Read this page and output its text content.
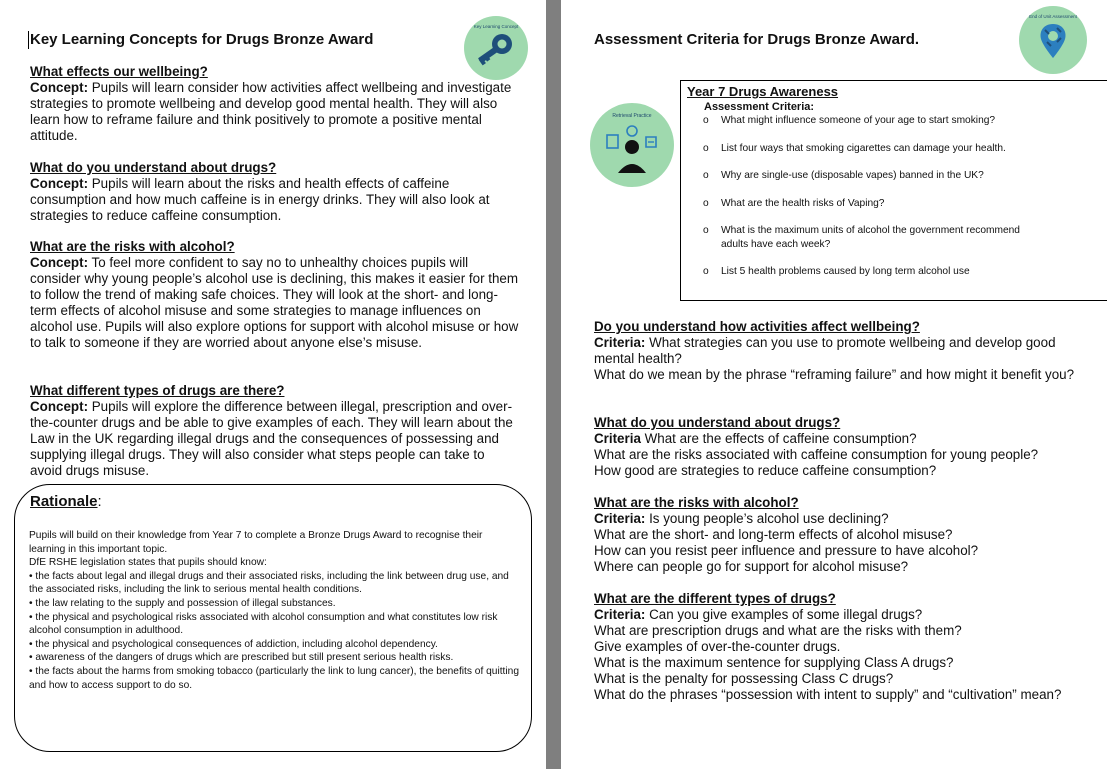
Key Learning Concepts for Drugs Bronze Award
Key Learning Concept

What effects our wellbeing?
Concept: Pupils will learn consider how activities affect wellbeing and investigate strategies to promote wellbeing and develop good mental health. They will also learn how to reframe failure and think positively to promote a positive mental attitude.

What do you understand about drugs?
Concept: Pupils will learn about the risks and health effects of caffeine consumption and how much caffeine is in energy drinks. They will also look at strategies to reduce caffeine consumption.

What are the risks with alcohol?
Concept: To feel more confident to say no to unhealthy choices pupils will consider why young people’s alcohol use is declining, this makes it easier for them to follow the trend of making safe choices. They will look at the short- and long-term effects of alcohol misuse and some strategies to manage influences on alcohol use. Pupils will also explore options for support with alcohol misuse or how to talk to someone if they are worried about anyone else’s misuse.

What different types of drugs are there?
Concept: Pupils will explore the difference between illegal, prescription and over-the-counter drugs and be able to give examples of each. They will learn about the Law in the UK regarding illegal drugs and the consequences of possessing and supplying illegal drugs. They will also consider what steps people can take to avoid drugs misuse.

Rationale:

Pupils will build on their knowledge from Year 7 to complete a Bronze Drugs Award to recognise their learning in this important topic.

DfE RSHE legislation states that pupils should know:

• the facts about legal and illegal drugs and their associated risks, including the link between drug use, and the associated risks, including the link to serious mental health conditions.

• the law relating to the supply and possession of illegal substances.

• the physical and psychological risks associated with alcohol consumption and what constitutes low risk alcohol consumption in adulthood.

• the physical and psychological consequences of addiction, including alcohol dependency.

• awareness of the dangers of drugs which are prescribed but still present serious health risks.

• the facts about the harms from smoking tobacco (particularly the link to lung cancer), the benefits of quitting and how to access support to do so.

Assessment Criteria for Drugs Bronze Award.
End of Unit Assessment
Retrieval Practice
Year 7 Drugs Awareness
Assessment Criteria:
o What might influence someone of your age to start smoking?
o List four ways that smoking cigarettes can damage your health.
o Why are single-use (disposable vapes) banned in the UK?
o What are the health risks of Vaping?
o What is the maximum units of alcohol the government recommend adults have each week?
o List 5 health problems caused by long term alcohol use

Do you understand how activities affect wellbeing?
Criteria: What strategies can you use to promote wellbeing and develop good mental health?
What do we mean by the phrase “reframing failure” and how might it benefit you?

What do you understand about drugs?
Criteria What are the effects of caffeine consumption?
What are the risks associated with caffeine consumption for young people?
How good are strategies to reduce caffeine consumption?

What are the risks with alcohol?
Criteria: Is young people’s alcohol use declining?
What are the short- and long-term effects of alcohol misuse?
How can you resist peer influence and pressure to have alcohol?
Where can people go for support for alcohol misuse?

What are the different types of drugs?
Criteria: Can you give examples of some illegal drugs?
What are prescription drugs and what are the risks with them?
Give examples of over-the-counter drugs.
What is the maximum sentence for supplying Class A drugs?
What is the penalty for possessing Class C drugs?
What do the phrases “possession with intent to supply” and “cultivation” mean?
